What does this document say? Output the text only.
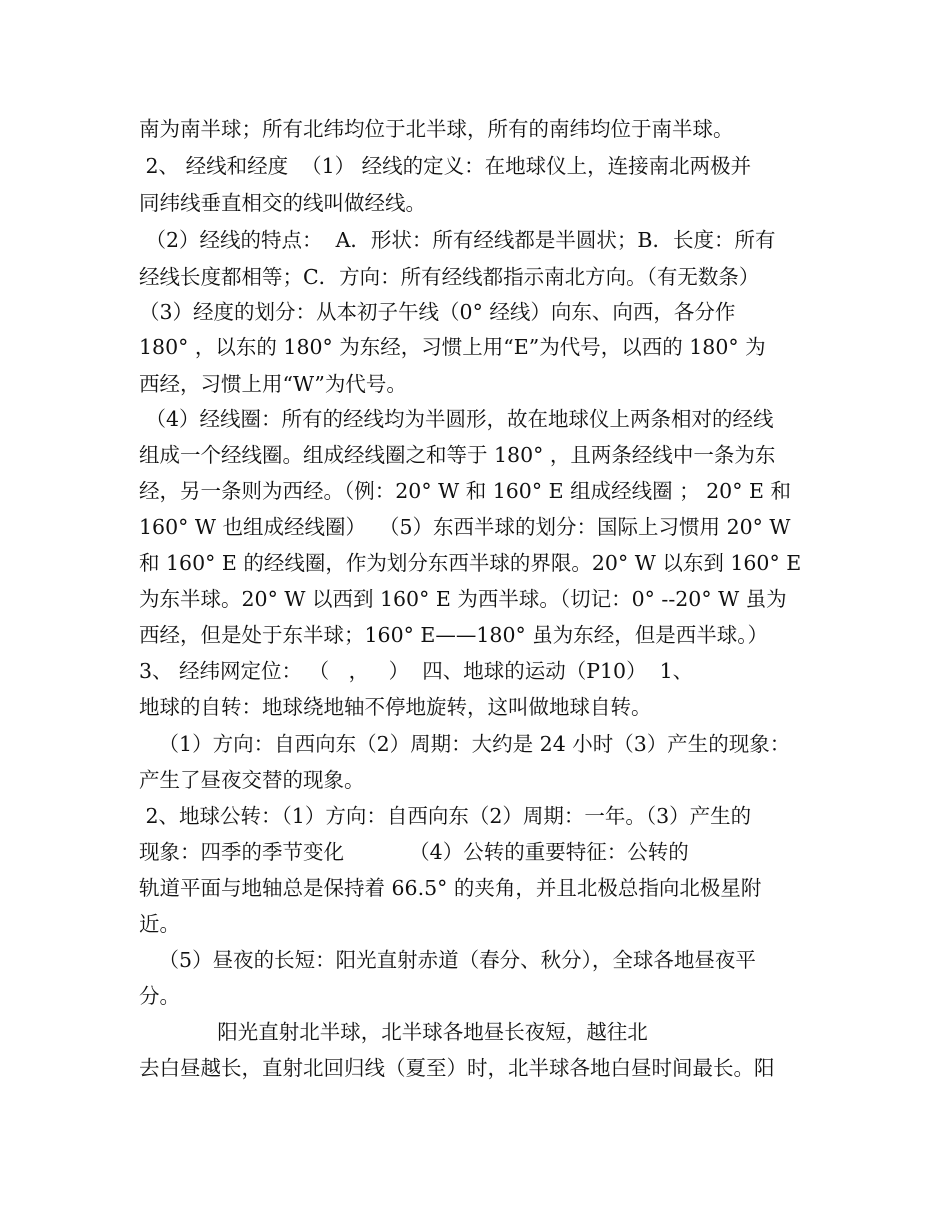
南为南半球；所有北纬均位于北半球，所有的南纬均位于南半球。
2、 经线和经度  （1） 经线的定义：在地球仪上，连接南北两极并
同纬线垂直相交的线叫做经线。
（2）经线的特点：  A．形状：所有经线都是半圆状；B．长度：所有
经线长度都相等；C．方向：所有经线都指示南北方向。（有无数条）
（3）经度的划分：从本初子午线（0° 经线）向东、向西，各分作
180° ，以东的 180° 为东经，习惯上用“E”为代号，以西的 180° 为
西经，习惯上用“W”为代号。
（4）经线圈：所有的经线均为半圆形，故在地球仪上两条相对的经线
组成一个经线圈。组成经线圈之和等于 180° ，且两条经线中一条为东
经，另一条则为西经。（例：20° W 和 160° E 组成经线圈 ； 20° E 和
160° W 也组成经线圈）  （5）东西半球的划分：国际上习惯用 20° W
和 160° E 的经线圈，作为划分东西半球的界限。20° W 以东到 160° E
为东半球。20° W 以西到 160° E 为西半球。（切记：0° --20° W 虽为
西经，但是处于东半球；160° E——180° 虽为东经，但是西半球。）
3、 经纬网定位： （   ，   ）  四、地球的运动（P10）  1、
地球的自转：地球绕地轴不停地旋转，这叫做地球自转。
（1）方向：自西向东（2）周期：大约是 24 小时（3）产生的现象：
产生了昼夜交替的现象。
2、地球公转：（1）方向：自西向东（2）周期：一年。（3）产生的
现象：四季的季节变化          （4）公转的重要特征：公转的
轨道平面与地轴总是保持着 66.5° 的夹角，并且北极总指向北极星附
近。
（5）昼夜的长短：阳光直射赤道（春分、秋分），全球各地昼夜平
分。
阳光直射北半球，北半球各地昼长夜短，越往北
去白昼越长，直射北回归线（夏至）时，北半球各地白昼时间最长。阳
